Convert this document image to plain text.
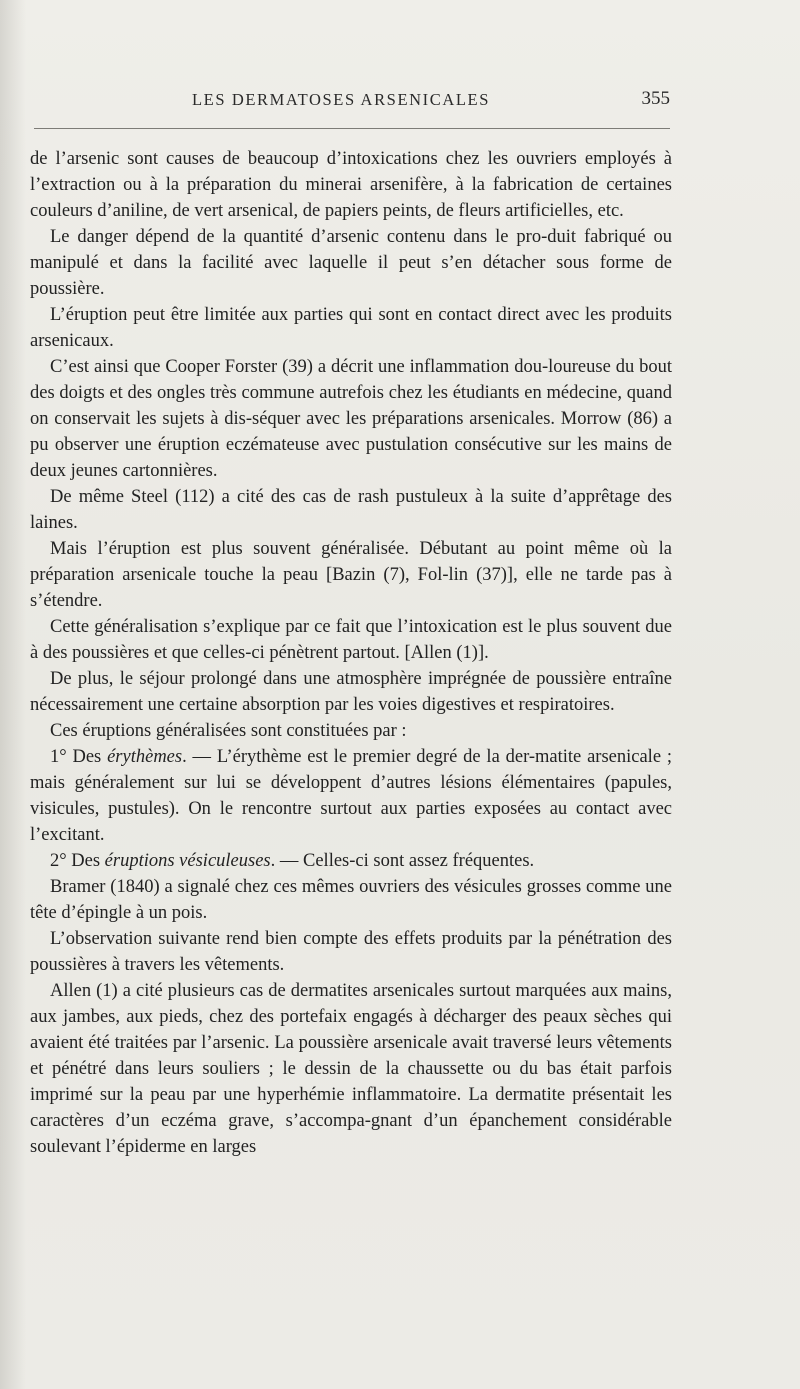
LES DERMATOSES ARSENICALES	355

de l’arsenic sont causes de beaucoup d’intoxications chez les ouvriers employés à l’extraction ou à la préparation du minerai arsenifère, à la fabrication de certaines couleurs d’aniline, de vert arsenical, de papiers peints, de fleurs artificielles, etc.

Le danger dépend de la quantité d’arsenic contenu dans le pro-duit fabriqué ou manipulé et dans la facilité avec laquelle il peut s’en détacher sous forme de poussière.

L’éruption peut être limitée aux parties qui sont en contact direct avec les produits arsenicaux.

C’est ainsi que Cooper Forster (39) a décrit une inflammation dou-loureuse du bout des doigts et des ongles très commune autrefois chez les étudiants en médecine, quand on conservait les sujets à dis-séquer avec les préparations arsenicales. Morrow (86) a pu observer une éruption eczémateuse avec pustulation consécutive sur les mains de deux jeunes cartonnières.

De même Steel (112) a cité des cas de rash pustuleux à la suite d’apprêtage des laines.

Mais l’éruption est plus souvent généralisée. Débutant au point même où la préparation arsenicale touche la peau [Bazin (7), Fol-lin (37)], elle ne tarde pas à s’étendre.

Cette généralisation s’explique par ce fait que l’intoxication est le plus souvent due à des poussières et que celles-ci pénètrent partout. [Allen (1)].

De plus, le séjour prolongé dans une atmosphère imprégnée de poussière entraîne nécessairement une certaine absorption par les voies digestives et respiratoires.

Ces éruptions généralisées sont constituées par :

1° Des érythèmes. — L’érythème est le premier degré de la der-matite arsenicale ; mais généralement sur lui se développent d’autres lésions élémentaires (papules, visicules, pustules). On le rencontre surtout aux parties exposées au contact avec l’excitant.

2° Des éruptions vésiculeuses. — Celles-ci sont assez fréquentes.

Bramer (1840) a signalé chez ces mêmes ouvriers des vésicules grosses comme une tête d’épingle à un pois.

L’observation suivante rend bien compte des effets produits par la pénétration des poussières à travers les vêtements.

Allen (1) a cité plusieurs cas de dermatites arsenicales surtout marquées aux mains, aux jambes, aux pieds, chez des portefaix engagés à décharger des peaux sèches qui avaient été traitées par l’arsenic. La poussière arsenicale avait traversé leurs vêtements et pénétré dans leurs souliers ; le dessin de la chaussette ou du bas était parfois imprimé sur la peau par une hyperhémie inflammatoire. La dermatite présentait les caractères d’un eczéma grave, s’accompa-gnant d’un épanchement considérable soulevant l’épiderme en larges
